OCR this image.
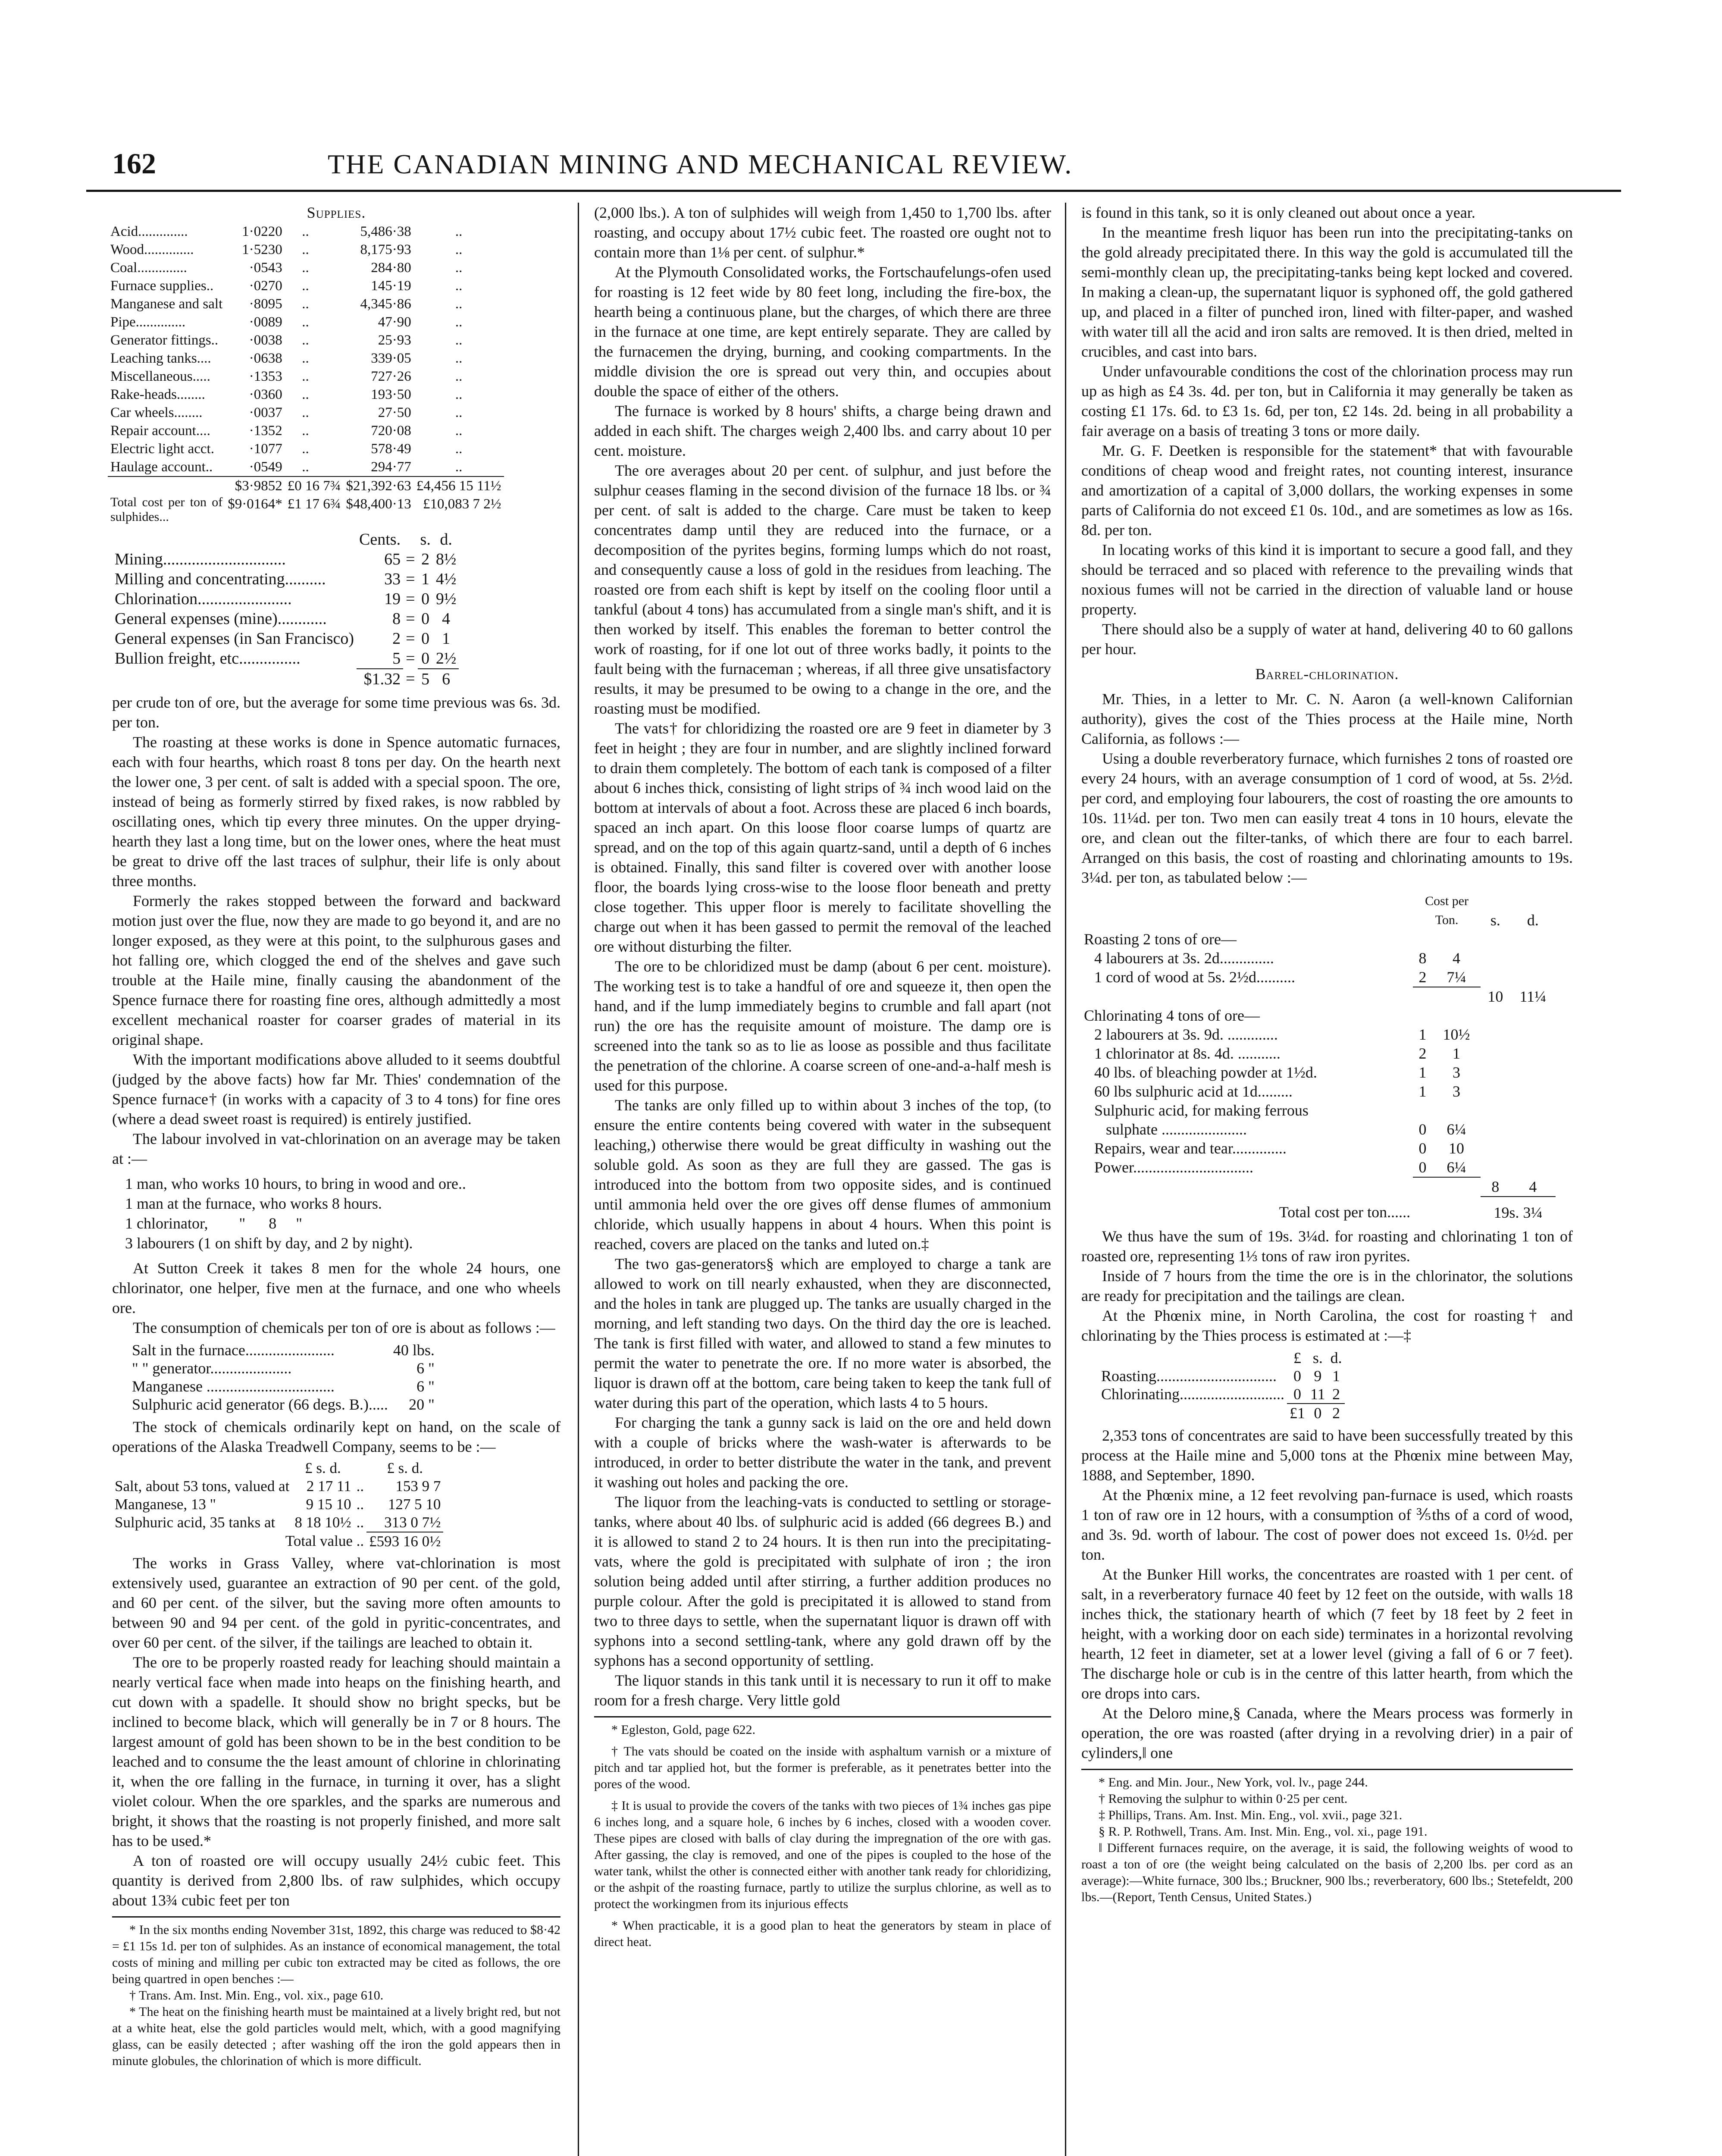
162	THE CANADIAN MINING AND MECHANICAL REVIEW.

Supplies.

Acid..............	1·0220	..		5,486·38	..
Wood..............	1·5230	..		8,175·93	..
Coal..............	·0543	..		284·80	..
Furnace supplies..	·0270	..		145·19	..
Manganese and salt	·8095	..		4,345·86	..
Pipe..............	·0089	..		47·90	..
Generator fittings..	·0038	..		25·93	..
Leaching tanks....	·0638	..		339·05	..
Miscellaneous.....	·1353	..		727·26	..
Rake-heads........	·0360	..		193·50	..
Car wheels........	·0037	..		27·50	..
Repair account....	·1352	..		720·08	..
Electric light acct.	·1077	..		578·49	..
Haulage account..	·0549	..		294·77	..
	$3·9852	£0 16 7¾		$21,392·63	£4,456 15 11½
Total cost per ton of sulphides...	$9·0164*	£1 17 6¾		$48,400·13	£10,083 7 2½
	Cents.		s.	d.
Mining..............................	65	=	2	8½
Milling and concentrating..........	33	=	1	4½
Chlorination.......................	19	=	0	9½
General expenses (mine)............	8	=	0	4
General expenses (in San Francisco)	2	=	0	1
Bullion freight, etc...............	5	=	0	2½
	$1.32	=	5	6

per crude ton of ore, but the average for some time previous was 6s. 3d. per ton.

The roasting at these works is done in Spence automatic furnaces, each with four hearths, which roast 8 tons per day. On the hearth next the lower one, 3 per cent. of salt is added with a special spoon. The ore, instead of being as formerly stirred by fixed rakes, is now rabbled by oscillating ones, which tip every three minutes. On the upper drying-hearth they last a long time, but on the lower ones, where the heat must be great to drive off the last traces of sulphur, their life is only about three months.

Formerly the rakes stopped between the forward and backward motion just over the flue, now they are made to go beyond it, and are no longer exposed, as they were at this point, to the sulphurous gases and hot falling ore, which clogged the end of the shelves and gave such trouble at the Haile mine, finally causing the abandonment of the Spence furnace there for roasting fine ores, although admittedly a most excellent mechanical roaster for coarser grades of material in its original shape.

With the important modifications above alluded to it seems doubtful (judged by the above facts) how far Mr. Thies' condemnation of the Spence furnace† (in works with a capacity of 3 to 4 tons) for fine ores (where a dead sweet roast is required) is entirely justified.

The labour involved in vat-chlorination on an average may be taken at :—

1 man, who works 10 hours, to bring in wood and ore..
1 man at the furnace, who works 8 hours.
1 chlorinator,        "      8     "
3 labourers (1 on shift by day, and 2 by night).

At Sutton Creek it takes 8 men for the whole 24 hours, one chlorinator, one helper, five men at the furnace, and one who wheels ore.

The consumption of chemicals per ton of ore is about as follows :—

Salt in the furnace.......................	40 lbs.
" " generator.....................	6 "
Manganese .................................	6 "
Sulphuric acid generator (66 degs. B.).....	20 "

The stock of chemicals ordinarily kept on hand, on the scale of operations of the Alaska Treadwell Company, seems to be :—

	£ s. d.		£ s. d.
Salt, about 53 tons, valued at	2 17 11	..	153 9 7
Manganese, 13 "	9 15 10	..	127 5 10
Sulphuric acid, 35 tanks at	8 18 10½	..	313 0 7½
Total value ..			£593 16 0½

The works in Grass Valley, where vat-chlorination is most extensively used, guarantee an extraction of 90 per cent. of the gold, and 60 per cent. of the silver, but the saving more often amounts to between 90 and 94 per cent. of the gold in pyritic-concentrates, and over 60 per cent. of the silver, if the tailings are leached to obtain it.

The ore to be properly roasted ready for leaching should maintain a nearly vertical face when made into heaps on the finishing hearth, and cut down with a spadelle. It should show no bright specks, but be inclined to become black, which will generally be in 7 or 8 hours. The largest amount of gold has been shown to be in the best condition to be leached and to consume the the least amount of chlorine in chlorinating it, when the ore falling in the furnace, in turning it over, has a slight violet colour. When the ore sparkles, and the sparks are numerous and bright, it shows that the roasting is not properly finished, and more salt has to be used.*

A ton of roasted ore will occupy usually 24½ cubic feet. This quantity is derived from 2,800 lbs. of raw sulphides, which occupy about 13¾ cubic feet per ton

* In the six months ending November 31st, 1892, this charge was reduced to $8·42 = £1 15s 1d. per ton of sulphides. As an instance of economical management, the total costs of mining and milling per cubic ton extracted may be cited as follows, the ore being quartred in open benches :—

† Trans. Am. Inst. Min. Eng., vol. xix., page 610.

* The heat on the finishing hearth must be maintained at a lively bright red, but not at a white heat, else the gold particles would melt, which, with a good magnifying glass, can be easily detected ; after washing off the iron the gold appears then in minute globules, the chlorination of which is more difficult.

(2,000 lbs.). A ton of sulphides will weigh from 1,450 to 1,700 lbs. after roasting, and occupy about 17½ cubic feet. The roasted ore ought not to contain more than 1⅛ per cent. of sulphur.*

At the Plymouth Consolidated works, the Fortschaufelungs-ofen used for roasting is 12 feet wide by 80 feet long, including the fire-box, the hearth being a continuous plane, but the charges, of which there are three in the furnace at one time, are kept entirely separate. They are called by the furnacemen the drying, burning, and cooking compartments. In the middle division the ore is spread out very thin, and occupies about double the space of either of the others.

The furnace is worked by 8 hours' shifts, a charge being drawn and added in each shift. The charges weigh 2,400 lbs. and carry about 10 per cent. moisture.

The ore averages about 20 per cent. of sulphur, and just before the sulphur ceases flaming in the second division of the furnace 18 lbs. or ¾ per cent. of salt is added to the charge. Care must be taken to keep concentrates damp until they are reduced into the furnace, or a decomposition of the pyrites begins, forming lumps which do not roast, and consequently cause a loss of gold in the residues from leaching. The roasted ore from each shift is kept by itself on the cooling floor until a tankful (about 4 tons) has accumulated from a single man's shift, and it is then worked by itself. This enables the foreman to better control the work of roasting, for if one lot out of three works badly, it points to the fault being with the furnaceman ; whereas, if all three give unsatisfactory results, it may be presumed to be owing to a change in the ore, and the roasting must be modified.

The vats† for chloridizing the roasted ore are 9 feet in diameter by 3 feet in height ; they are four in number, and are slightly inclined forward to drain them completely. The bottom of each tank is composed of a filter about 6 inches thick, consisting of light strips of ¾ inch wood laid on the bottom at intervals of about a foot. Across these are placed 6 inch boards, spaced an inch apart. On this loose floor coarse lumps of quartz are spread, and on the top of this again quartz-sand, until a depth of 6 inches is obtained. Finally, this sand filter is covered over with another loose floor, the boards lying cross-wise to the loose floor beneath and pretty close together. This upper floor is merely to facilitate shovelling the charge out when it has been gassed to permit the removal of the leached ore without disturbing the filter.

The ore to be chloridized must be damp (about 6 per cent. moisture). The working test is to take a handful of ore and squeeze it, then open the hand, and if the lump immediately begins to crumble and fall apart (not run) the ore has the requisite amount of moisture. The damp ore is screened into the tank so as to lie as loose as possible and thus facilitate the penetration of the chlorine. A coarse screen of one-and-a-half mesh is used for this purpose.

The tanks are only filled up to within about 3 inches of the top, (to ensure the entire contents being covered with water in the subsequent leaching,) otherwise there would be great difficulty in washing out the soluble gold. As soon as they are full they are gassed. The gas is introduced into the bottom from two opposite sides, and is continued until ammonia held over the ore gives off dense flumes of ammonium chloride, which usually happens in about 4 hours. When this point is reached, covers are placed on the tanks and luted on.‡

The two gas-generators§ which are employed to charge a tank are allowed to work on till nearly exhausted, when they are disconnected, and the holes in tank are plugged up. The tanks are usually charged in the morning, and left standing two days. On the third day the ore is leached. The tank is first filled with water, and allowed to stand a few minutes to permit the water to penetrate the ore. If no more water is absorbed, the liquor is drawn off at the bottom, care being taken to keep the tank full of water during this part of the operation, which lasts 4 to 5 hours.

For charging the tank a gunny sack is laid on the ore and held down with a couple of bricks where the wash-water is afterwards to be introduced, in order to better distribute the water in the tank, and prevent it washing out holes and packing the ore.

The liquor from the leaching-vats is conducted to settling or storage-tanks, where about 40 lbs. of sulphuric acid is added (66 degrees B.) and it is allowed to stand 2 to 24 hours. It is then run into the precipitating-vats, where the gold is precipitated with sulphate of iron ; the iron solution being added until after stirring, a further addition produces no purple colour. After the gold is precipitated it is allowed to stand from two to three days to settle, when the supernatant liquor is drawn off with syphons into a second settling-tank, where any gold drawn off by the syphons has a second opportunity of settling.

The liquor stands in this tank until it is necessary to run it off to make room for a fresh charge. Very little gold

* Egleston, Gold, page 622.

† The vats should be coated on the inside with asphaltum varnish or a mixture of pitch and tar applied hot, but the former is preferable, as it penetrates better into the pores of the wood.

‡ It is usual to provide the covers of the tanks with two pieces of 1¾ inches gas pipe 6 inches long, and a square hole, 6 inches by 6 inches, closed with a wooden cover. These pipes are closed with balls of clay during the impregnation of the ore with gas. After gassing, the clay is removed, and one of the pipes is coupled to the hose of the water tank, whilst the other is connected either with another tank ready for chloridizing, or the ashpit of the roasting furnace, partly to utilize the surplus chlorine, as well as to protect the workingmen from its injurious effects

* When practicable, it is a good plan to heat the generators by steam in place of direct heat.

is found in this tank, so it is only cleaned out about once a year.

In the meantime fresh liquor has been run into the precipitating-tanks on the gold already precipitated there. In this way the gold is accumulated till the semi-monthly clean up, the precipitating-tanks being kept locked and covered. In making a clean-up, the supernatant liquor is syphoned off, the gold gathered up, and placed in a filter of punched iron, lined with filter-paper, and washed with water till all the acid and iron salts are removed. It is then dried, melted in crucibles, and cast into bars.

Under unfavourable conditions the cost of the chlorination process may run up as high as £4 3s. 4d. per ton, but in California it may generally be taken as costing £1 17s. 6d. to £3 1s. 6d, per ton, £2 14s. 2d. being in all probability a fair average on a basis of treating 3 tons or more daily.

Mr. G. F. Deetken is responsible for the statement* that with favourable conditions of cheap wood and freight rates, not counting interest, insurance and amortization of a capital of 3,000 dollars, the working expenses in some parts of California do not exceed £1 0s. 10d., and are sometimes as low as 16s. 8d. per ton.

In locating works of this kind it is important to secure a good fall, and they should be terraced and so placed with reference to the prevailing winds that noxious fumes will not be carried in the direction of valuable land or house property.

There should also be a supply of water at hand, delivering 40 to 60 gallons per hour.

Barrel-chlorination.

Mr. Thies, in a letter to Mr. C. N. Aaron (a well-known Californian authority), gives the cost of the Thies process at the Haile mine, North California, as follows :—

Using a double reverberatory furnace, which furnishes 2 tons of roasted ore every 24 hours, with an average consumption of 1 cord of wood, at 5s. 2½d. per cord, and employing four labourers, the cost of roasting the ore amounts to 10s. 11¼d. per ton. Two men can easily treat 4 tons in 10 hours, elevate the ore, and clean out the filter-tanks, of which there are four to each barrel. Arranged on this basis, the cost of roasting and chlorinating amounts to 19s. 3¼d. per ton, as tabulated below :—

	Cost per			
	Ton.		s.	d.
Roasting 2 tons of ore—				
4 labourers at 3s. 2d..............	8	4		
1 cord of wood at 5s. 2½d..........	2	7¼		
			10	11¼
Chlorinating 4 tons of ore—				
2 labourers at 3s. 9d. .............	1	10½		
1 chlorinator at 8s. 4d. ...........	2	1		
40 lbs. of bleaching powder at 1½d.	1	3		
60 lbs sulphuric acid at 1d.........	1	3		
Sulphuric acid, for making ferrous				
sulphate ......................	0	6¼		
Repairs, wear and tear..............	0	10		
Power...............................	0	6¼		
			8	4
Total cost per ton......			19s. 3¼	

We thus have the sum of 19s. 3¼d. for roasting and chlorinating 1 ton of roasted ore, representing 1⅓ tons of raw iron pyrites.

Inside of 7 hours from the time the ore is in the chlorinator, the solutions are ready for precipitation and the tailings are clean.

At the Phœnix mine, in North Carolina, the cost for roasting† and chlorinating by the Thies process is estimated at :—‡

	£	s.	d.
Roasting...............................	0	9	1
Chlorinating...........................	0	11	2
	£1	0	2

2,353 tons of concentrates are said to have been successfully treated by this process at the Haile mine and 5,000 tons at the Phœnix mine between May, 1888, and September, 1890.

At the Phœnix mine, a 12 feet revolving pan-furnace is used, which roasts 1 ton of raw ore in 12 hours, with a consumption of ⅗ths of a cord of wood, and 3s. 9d. worth of labour. The cost of power does not exceed 1s. 0½d. per ton.

At the Bunker Hill works, the concentrates are roasted with 1 per cent. of salt, in a reverberatory furnace 40 feet by 12 feet on the outside, with walls 18 inches thick, the stationary hearth of which (7 feet by 18 feet by 2 feet in height, with a working door on each side) terminates in a horizontal revolving hearth, 12 feet in diameter, set at a lower level (giving a fall of 6 or 7 feet). The discharge hole or cub is in the centre of this latter hearth, from which the ore drops into cars.

At the Deloro mine,§ Canada, where the Mears process was formerly in operation, the ore was roasted (after drying in a revolving drier) in a pair of cylinders,‖ one

* Eng. and Min. Jour., New York, vol. lv., page 244.

† Removing the sulphur to within 0·25 per cent.

‡ Phillips, Trans. Am. Inst. Min. Eng., vol. xvii., page 321.

§ R. P. Rothwell, Trans. Am. Inst. Min. Eng., vol. xi., page 191.

‖ Different furnaces require, on the average, it is said, the following weights of wood to roast a ton of ore (the weight being calculated on the basis of 2,200 lbs. per cord as an average):—White furnace, 300 lbs.; Bruckner, 900 lbs.; reverberatory, 600 lbs.; Stetefeldt, 200 lbs.—(Report, Tenth Census, United States.)
